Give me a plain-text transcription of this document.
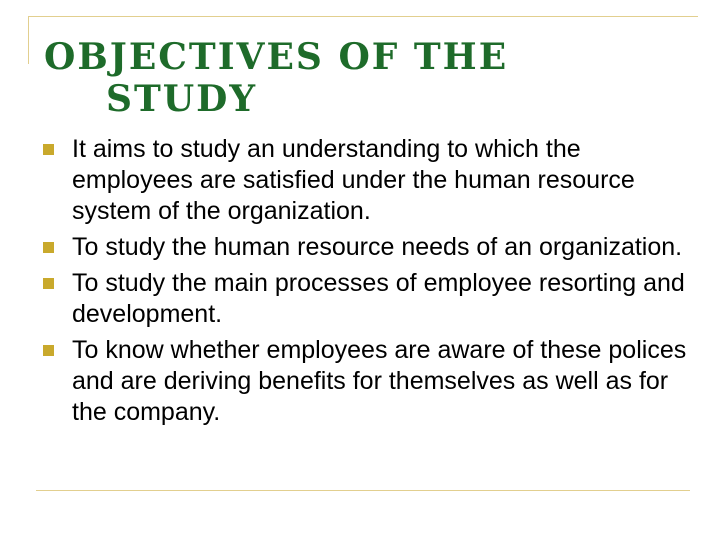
OBJECTIVES OF THE
STUDY
It aims to study an understanding to which the employees are satisfied under the human resource system of the organization.
To study the human resource needs of an organization.
To study the main processes of employee resorting and development.
To know whether employees are aware of these polices and are deriving benefits for themselves as well as for the company.
